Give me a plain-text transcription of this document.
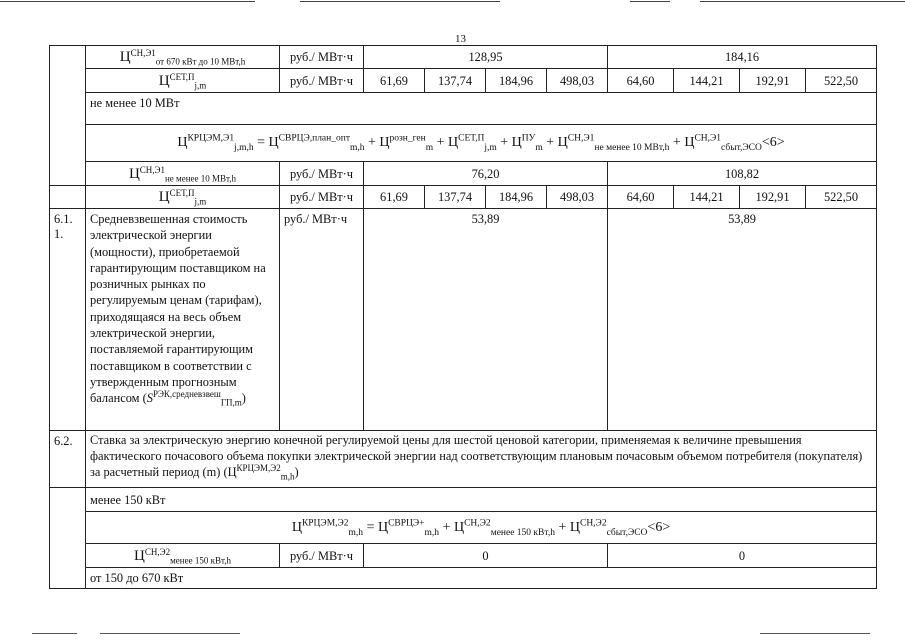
13
	$Ц^{СН,Э1}_{от 670 кВт до 10 МВт,h}$	руб./ МВт·ч	128,95				184,16			
	$Ц^{СЕТ,П}_{j,m}$	руб./ МВт·ч	61,69	137,74	184,96	498,03	64,60	144,21	192,91	522,50
	не менее 10 МВт									
	$Ц^{КРЦЭМ,Э1}_{j,m,h} = Ц^{СВРЦЭ,план\_опт}_{m,h} + Ц^{розн\_ген}_m + Ц^{СЕТ,П}_{j,m} + Ц^{ПУ}_m + Ц^{СН,Э1}_{не менее 10 МВт,h} + Ц^{СН,Э1}_{сбыт,ЭСО}<6>$									
	$Ц^{СН,Э1}_{не менее 10 МВт,h}$	руб./ МВт·ч	76,20				108,82			
	$Ц^{СЕТ,П}_{j,m}$	руб./ МВт·ч	61,69	137,74	184,96	498,03	64,60	144,21	192,91	522,50
6.1. 1.	Средневзвешенная стоимость электрической энергии (мощности), приобретаемой гарантирующим поставщиком на розничных рынках по регулируемым ценам (тарифам), приходящаяся на весь объем электрической энергии, поставляемой гарантирующим поставщиком в соответствии с утвержденным прогнозным балансом $(S^{РЭК,средневзвеш}_{ГП,m})$	руб./ МВт·ч	53,89				53,89			
6.2.	Ставка за электрическую энергию конечной регулируемой цены для шестой ценовой категории, применяемая к величине превышения фактического почасового объема покупки электрической энергии над соответствующим плановым почасовым объемом потребителя (покупателя) за расчетный период (m) $(Ц^{КРЦЭМ,Э2}_{m,h})$									
	менее 150 кВт									
	$Ц^{КРЦЭМ,Э2}_{m,h} = Ц^{СВРЦЭ+}_{m,h} + Ц^{СН,Э2}_{менее 150 кВт,h} + Ц^{СН,Э2}_{сбыт,ЭСО}<6>$									
	$Ц^{СН,Э2}_{менее 150 кВт,h}$	руб./ МВт·ч	0				0			
	от 150 до 670 кВт									
